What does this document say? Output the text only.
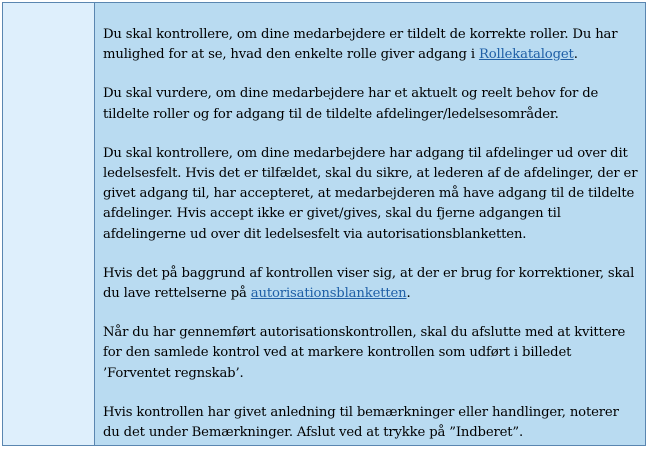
Du skal kontrollere, om dine medarbejdere er tildelt de korrekte roller. Du har mulighed for at se, hvad den enkelte rolle giver adgang i Rollekataloget.

Du skal vurdere, om dine medarbejdere har et aktuelt og reelt behov for de tildelte roller og for adgang til de tildelte afdelinger/ledelsesområder.

Du skal kontrollere, om dine medarbejdere har adgang til afdelinger ud over dit ledelsesfelt. Hvis det er tilfældet, skal du sikre, at lederen af de afdelinger, der er givet adgang til, har accepteret, at medarbejderen må have adgang til de tildelte afdelinger. Hvis accept ikke er givet/gives, skal du fjerne adgangen til afdelingerne ud over dit ledelsesfelt via autorisationsblanketten.

Hvis det på baggrund af kontrollen viser sig, at der er brug for korrektioner, skal du lave rettelserne på autorisationsblanketten.

Når du har gennemført autorisationskontrollen, skal du afslutte med at kvittere for den samlede kontrol ved at markere kontrollen som udført i billedet ’Forventet regnskab’.

Hvis kontrollen har givet anledning til bemærkninger eller handlinger, noterer du det under Bemærkninger. Afslut ved at trykke på ”Indberet”.
